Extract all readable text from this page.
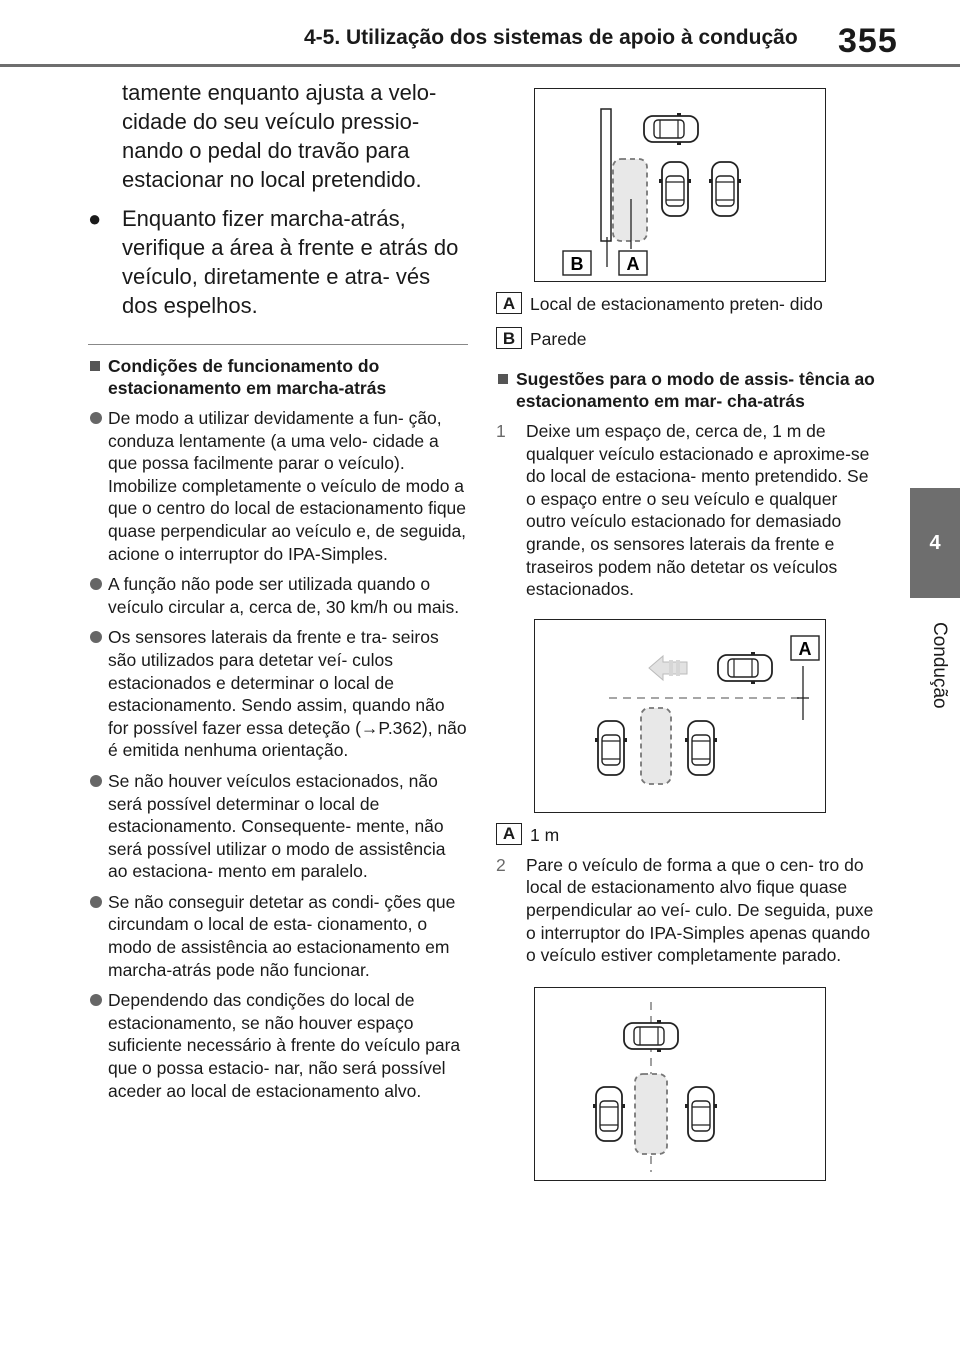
4-5. Utilização dos sistemas de apoio à condução 355
4
Condução
tamente enquanto ajusta a velo-
cidade do seu veículo pressio-
nando o pedal do travão para
estacionar no local pretendido.
● Enquanto fizer marcha-atrás, verifique a área à frente e atrás do veículo, diretamente e atra- vés dos espelhos.
Condições de funcionamento do estacionamento em marcha-atrás
De modo a utilizar devidamente a fun- ção, conduza lentamente (a uma velo- cidade a que possa facilmente parar o veículo). Imobilize completamente o veículo de modo a que o centro do local de estacionamento fique quase perpendicular ao veículo e, de seguida, acione o interruptor do IPA-Simples.
A função não pode ser utilizada quando o veículo circular a, cerca de, 30 km/h ou mais.
Os sensores laterais da frente e tra- seiros são utilizados para detetar veí- culos estacionados e determinar o local de estacionamento. Sendo assim, quando não for possível fazer essa deteção (→P.362), não é emitida nenhuma orientação.
Se não houver veículos estacionados, não será possível determinar o local de estacionamento. Consequente- mente, não será possível utilizar o modo de assistência ao estaciona- mento em paralelo.
Se não conseguir detetar as condi- ções que circundam o local de esta- cionamento, o modo de assistência ao estacionamento em marcha-atrás pode não funcionar.
Dependendo das condições do local de estacionamento, se não houver espaço suficiente necessário à frente do veículo para que o possa estacio- nar, não será possível aceder ao local de estacionamento alvo.
B A
A Local de estacionamento preten- dido
B Parede
Sugestões para o modo de assis- tência ao estacionamento em mar- cha-atrás
1	Deixe um espaço de, cerca de, 1 m de qualquer veículo estacionado e aproxime-se do local de estaciona- mento pretendido. Se o espaço entre o seu veículo e qualquer outro veículo estacionado for demasiado grande, os sensores laterais da frente e traseiros podem não detetar os veículos estacionados.
A
A 1 m
2	Pare o veículo de forma a que o cen- tro do local de estacionamento alvo fique quase perpendicular ao veí- culo. De seguida, puxe o interruptor do IPA-Simples apenas quando o veículo estiver completamente parado.
